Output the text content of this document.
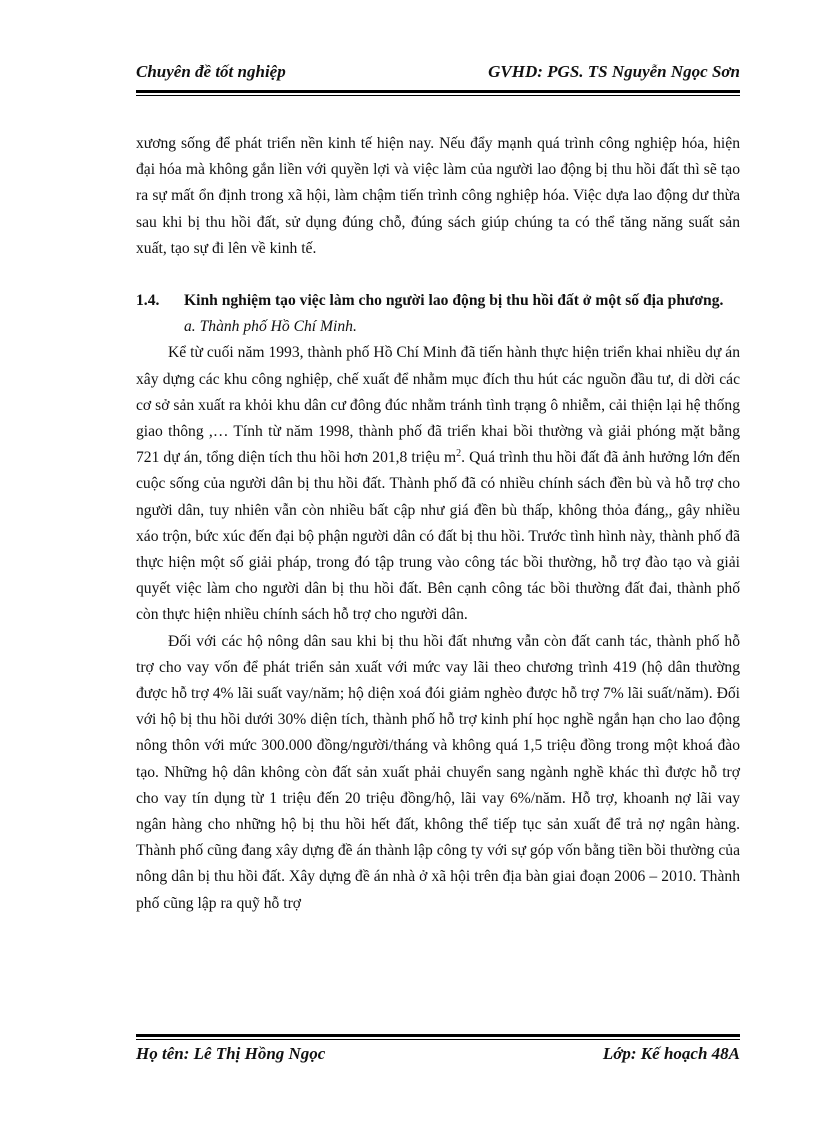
Chuyên đề tốt nghiệp	GVHD: PGS. TS Nguyễn Ngọc Sơn

xương sống để phát triển nền kinh tế hiện nay. Nếu đẩy mạnh quá trình công nghiệp hóa, hiện đại hóa mà không gắn liền với quyền lợi và việc làm của người lao động bị thu hồi đất thì sẽ tạo ra sự mất ổn định trong xã hội, làm chậm tiến trình công nghiệp hóa. Việc dựa lao động dư thừa sau khi bị thu hồi đất, sử dụng đúng chỗ, đúng sách giúp chúng ta có thể tăng năng suất sản xuất, tạo sự đi lên về kinh tế.

1.4.	Kinh nghiệm tạo việc làm cho người lao động bị thu hồi đất ở một số địa phương.

a. Thành phố Hồ Chí Minh.

Kể từ cuối năm 1993, thành phố Hồ Chí Minh đã tiến hành thực hiện triển khai nhiều dự án xây dựng các khu công nghiệp, chế xuất để nhằm mục đích thu hút các nguồn đầu tư, di dời các cơ sở sản xuất ra khỏi khu dân cư đông đúc nhằm tránh tình trạng ô nhiễm, cải thiện lại hệ thống giao thông ,… Tính từ năm 1998, thành phố đã triển khai bồi thường và giải phóng mặt bằng 721 dự án, tổng diện tích thu hồi hơn 201,8 triệu $m^2$. Quá trình thu hồi đất đã ảnh hưởng lớn đến cuộc sống của người dân bị thu hồi đất. Thành phố đã có nhiều chính sách đền bù và hỗ trợ cho người dân, tuy nhiên vẫn còn nhiều bất cập như giá đền bù thấp, không thỏa đáng,, gây nhiều xáo trộn, bức xúc đến đại bộ phận người dân có đất bị thu hồi. Trước tình hình này, thành phố đã thực hiện một số giải pháp, trong đó tập trung vào công tác bồi thường, hỗ trợ đào tạo và giải quyết việc làm cho người dân bị thu hồi đất. Bên cạnh công tác bồi thường đất đai, thành phố còn thực hiện nhiều chính sách hỗ trợ cho người dân.

Đối với các hộ nông dân sau khi bị thu hồi đất nhưng vẫn còn đất canh tác, thành phố hỗ trợ cho vay vốn để phát triển sản xuất với mức vay lãi theo chương trình 419 (hộ dân thường được hỗ trợ 4% lãi suất vay/năm; hộ diện xoá đói giảm nghèo được hỗ trợ 7% lãi suất/năm). Đối với hộ bị thu hồi dưới 30% diện tích, thành phố hỗ trợ kinh phí học nghề ngắn hạn cho lao động nông thôn với mức 300.000 đồng/người/tháng và không quá 1,5 triệu đồng trong một khoá đào tạo. Những hộ dân không còn đất sản xuất phải chuyển sang ngành nghề khác thì được hỗ trợ cho vay tín dụng từ 1 triệu đến 20 triệu đồng/hộ, lãi vay 6%/năm. Hỗ trợ, khoanh nợ lãi vay ngân hàng cho những hộ bị thu hồi hết đất, không thể tiếp tục sản xuất để trả nợ ngân hàng. Thành phố cũng đang xây dựng đề án thành lập công ty với sự góp vốn bằng tiền bồi thường của nông dân bị thu hồi đất. Xây dựng đề án nhà ở xã hội trên địa bàn giai đoạn 2006 – 2010. Thành phố cũng lập ra quỹ hỗ trợ

Họ tên: Lê Thị Hồng Ngọc	Lớp: Kế hoạch 48A
